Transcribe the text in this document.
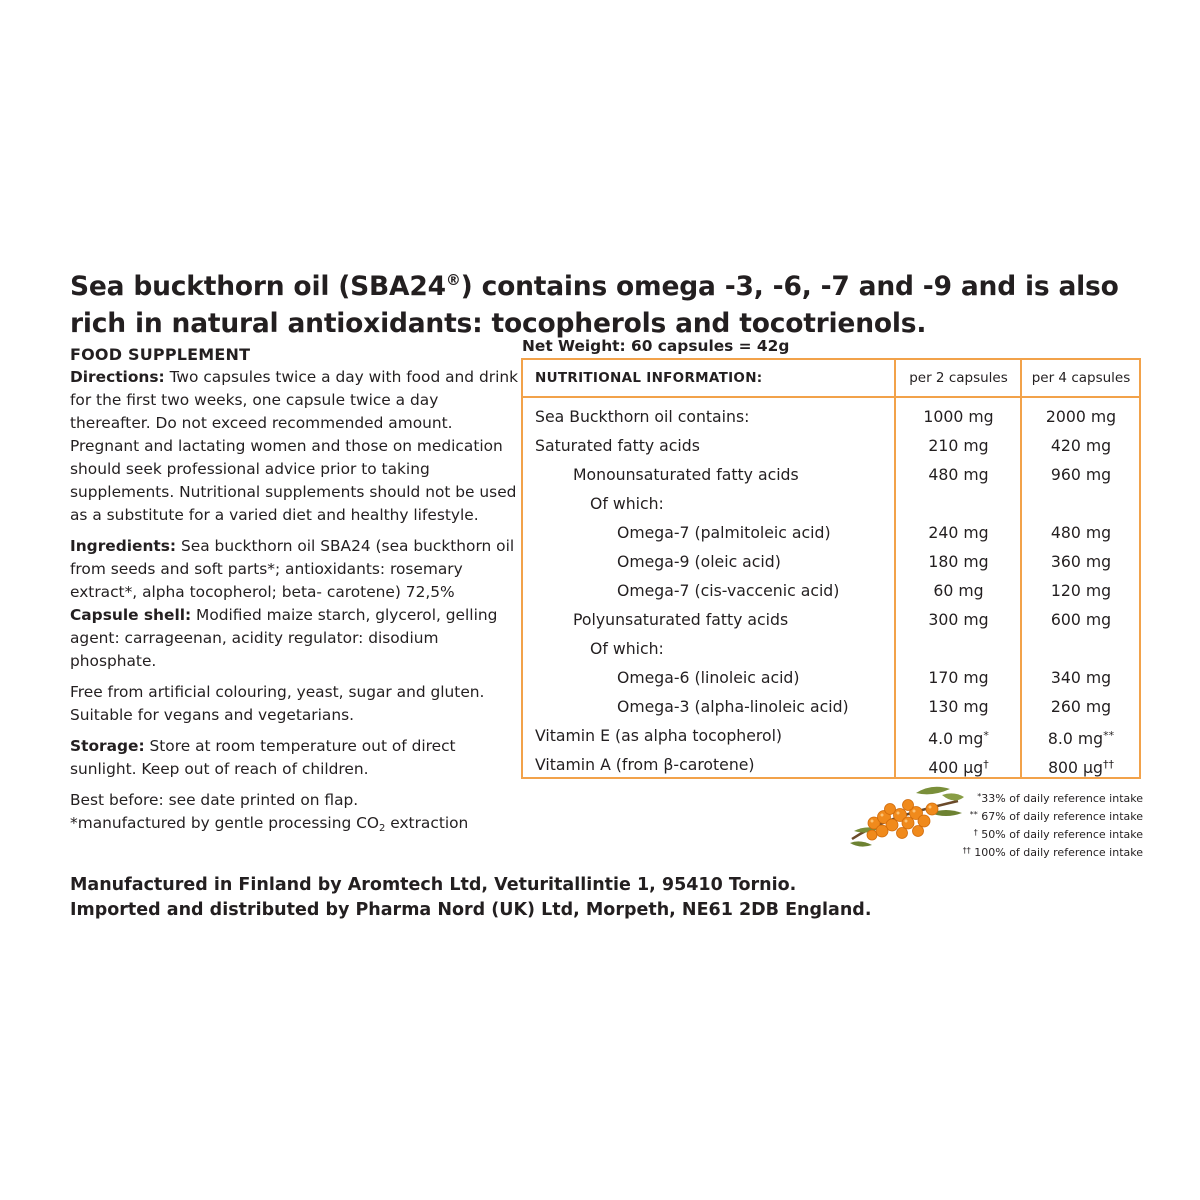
Sea buckthorn oil (SBA24®) contains omega -3, -6, -7 and -9 and is also
rich in natural antioxidants: tocopherols and tocotrienols.

FOOD SUPPLEMENT

Directions: Two capsules twice a day with food and drink for the first two weeks, one capsule twice a day thereafter. Do not exceed recommended amount. Pregnant and lactating women and those on medication should seek professional advice prior to taking supplements. Nutritional supplements should not be used as a substitute for a varied diet and healthy lifestyle.

Ingredients: Sea buckthorn oil SBA24 (sea buckthorn oil from seeds and soft parts*; antioxidants: rosemary extract*, alpha tocopherol; beta- carotene) 72,5%

Capsule shell: Modified maize starch, glycerol, gelling agent: carrageenan, acidity regulator: disodium phosphate.

Free from artificial colouring, yeast, sugar and gluten. Suitable for vegans and vegetarians.

Storage: Store at room temperature out of direct sunlight. Keep out of reach of children.

Best before: see date printed on flap.

*manufactured by gentle processing $CO_2$ extraction

Net Weight: 60 capsules = 42g
NUTRITIONAL INFORMATION:	per 2 capsules	per 4 capsules
Sea Buckthorn oil contains:	1000 mg	2000 mg
Saturated fatty acids	210 mg	420 mg
Monounsaturated fatty acids	480 mg	960 mg
Of which:
Omega-7 (palmitoleic acid)	240 mg	480 mg
Omega-9 (oleic acid)	180 mg	360 mg
Omega-7 (cis-vaccenic acid)	60 mg	120 mg
Polyunsaturated fatty acids	300 mg	600 mg
Of which:
Omega-6 (linoleic acid)	170 mg	340 mg
Omega-3 (alpha-linoleic acid)	130 mg	260 mg
Vitamin E (as alpha tocopherol)	4.0 mg*	8.0 mg**
Vitamin A (from β-carotene)	400 µg†	800 µg††
*33% of daily reference intake
** 67% of daily reference intake
† 50% of daily reference intake
†† 100% of daily reference intake
Manufactured in Finland by Aromtech Ltd, Veturitallintie 1, 95410 Tornio.
Imported and distributed by Pharma Nord (UK) Ltd, Morpeth, NE61 2DB England.
